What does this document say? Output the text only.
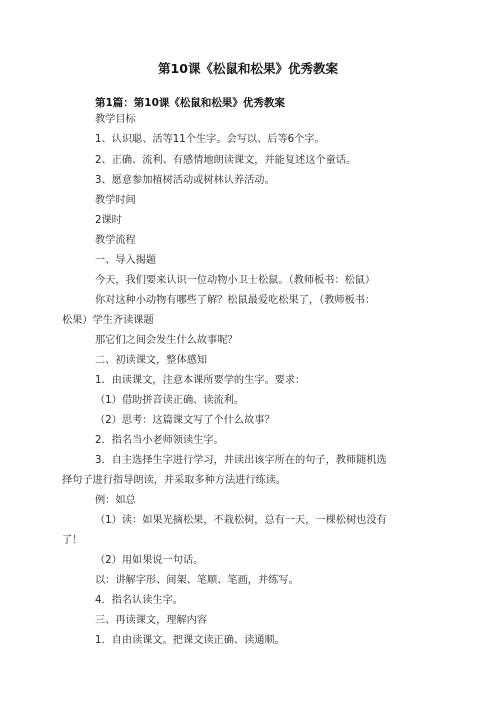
第10课《松鼠和松果》优秀教案
第1篇：第10课《松鼠和松果》优秀教案
教学目标
1、认识聪、活等11个生字。会写以、后等6个字。
2、正确、流利、有感情地朗读课文，并能复述这个童话。
3、愿意参加植树活动或树林认养活动。
教学时间
2课时
教学流程
一、导入揭题
今天，我们要来认识一位动物小卫士松鼠。（教师板书：松鼠）
你对这种小动物有哪些了解？松鼠最爱吃松果了，（教师板书：
松果）学生齐读课题
那它们之间会发生什么故事呢？
二、初读课文，整体感知
1．由读课文，注意本课所要学的生字。要求：
（1）借助拼音读正确、读流利。
（2）思考：这篇课文写了个什么故事？
2．指名当小老师领读生字。
3．自主选择生字进行学习，并读出该字所在的句子，教师随机选
择句子进行指导朗读，并采取多种方法进行练读。
例：如总
（1）读：如果光摘松果，不栽松树，总有一天，一棵松树也没有
了！
（2）用如果说一句话。
以：讲解字形、间架、笔顺、笔画，并练写。
4．指名认读生字。
三、再读课文，理解内容
1．自由读课文。把课文读正确、读通顺。
